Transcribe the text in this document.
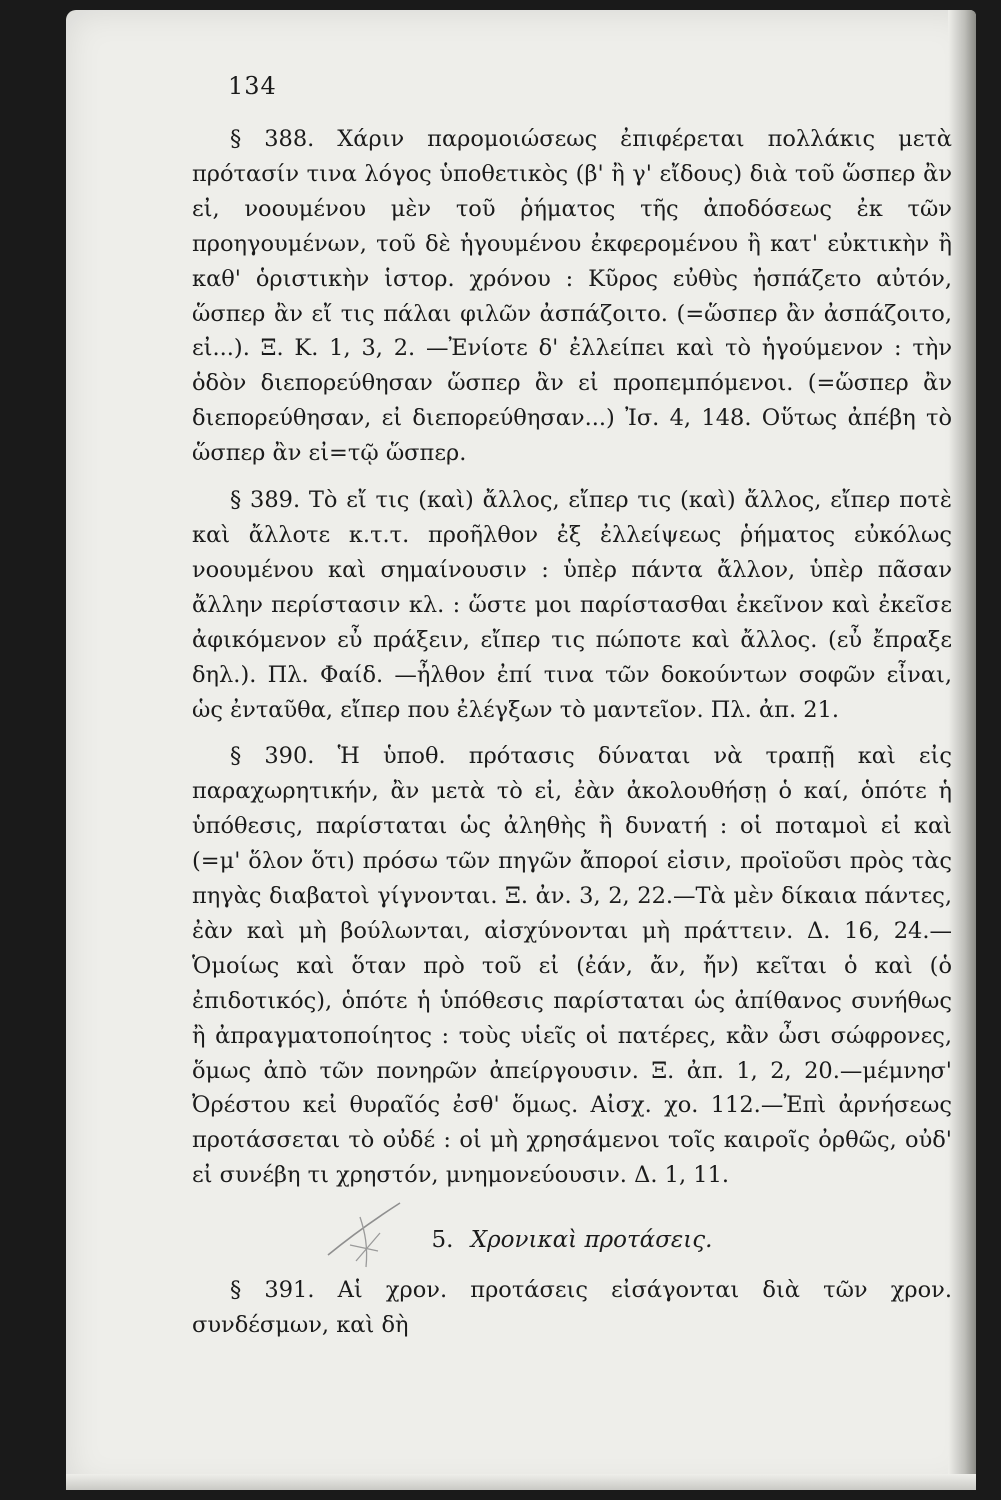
134

§ 388. Χάριν παρομοιώσεως ἐπιφέρεται πολλάκις μετὰ πρότασίν τινα λόγος ὑποθετικὸς (β' ἢ γ' εἴδους) διὰ τοῦ ὥσπερ ἂν εἰ, νοουμένου μὲν τοῦ ῥήματος τῆς ἀποδόσεως ἐκ τῶν προηγουμένων, τοῦ δὲ ἡγουμένου ἐκφερομένου ἢ κατ' εὐκτικὴν ἢ καθ' ὁριστικὴν ἱστορ. χρόνου : Κῦρος εὐθὺς ἠσπάζετο αὐτόν, ὥσπερ ἂν εἴ τις πάλαι φιλῶν ἀσπάζοιτο. (=ὥσπερ ἂν ἀσπάζοιτο, εἰ...). Ξ. Κ. 1, 3, 2. —Ἐνίοτε δ' ἐλλείπει καὶ τὸ ἡγούμενον : τὴν ὁδὸν διεπορεύθησαν ὥσπερ ἂν εἰ προπεμπόμενοι. (=ὥσπερ ἂν διεπορεύθησαν, εἰ διεπορεύθησαν...) Ἰσ. 4, 148. Οὕτως ἀπέβη τὸ ὥσπερ ἂν εἰ=τῷ ὥσπερ.

§ 389. Τὸ εἴ τις (καὶ) ἄλλος, εἴπερ τις (καὶ) ἄλλος, εἴπερ ποτὲ καὶ ἄλλοτε κ.τ.τ. προῆλθον ἐξ ἐλλείψεως ῥήματος εὐκόλως νοουμένου καὶ σημαίνουσιν : ὑπὲρ πάντα ἄλλον, ὑπὲρ πᾶσαν ἄλλην περίστασιν κλ. : ὥστε μοι παρίστασθαι ἐκεῖνον καὶ ἐκεῖσε ἀφικόμενον εὖ πράξειν, εἴπερ τις πώποτε καὶ ἄλλος. (εὖ ἔπραξε δηλ.). Πλ. Φαίδ. —ἦλθον ἐπί τινα τῶν δοκούντων σοφῶν εἶναι, ὡς ἐνταῦθα, εἴπερ που ἐλέγξων τὸ μαντεῖον. Πλ. ἀπ. 21.

§ 390. Ἡ ὑποθ. πρότασις δύναται νὰ τραπῇ καὶ εἰς παραχωρητικήν, ἂν μετὰ τὸ εἰ, ἐὰν ἀκολουθήσῃ ὁ καί, ὁπότε ἡ ὑπόθεσις, παρίσταται ὡς ἀληθὴς ἢ δυνατή : οἱ ποταμοὶ εἰ καὶ (=μ' ὅλον ὅτι) πρόσω τῶν πηγῶν ἄποροί εἰσιν, προϊοῦσι πρὸς τὰς πηγὰς διαβατοὶ γίγνονται. Ξ. ἀν. 3, 2, 22.—Τὰ μὲν δίκαια πάντες, ἐὰν καὶ μὴ βούλωνται, αἰσχύνονται μὴ πράττειν. Δ. 16, 24.—Ὁμοίως καὶ ὅταν πρὸ τοῦ εἰ (ἐάν, ἄν, ἤν) κεῖται ὁ καὶ (ὁ ἐπιδοτικός), ὁπότε ἡ ὑπόθεσις παρίσταται ὡς ἀπίθανος συνήθως ἢ ἀπραγματοποίητος : τοὺς υἱεῖς οἱ πατέρες, κἂν ὦσι σώφρονες, ὅμως ἀπὸ τῶν πονηρῶν ἀπείργουσιν. Ξ. ἀπ. 1, 2, 20.—μέμνησ' Ὀρέστου κεἰ θυραῖός ἐσθ' ὅμως. Αἰσχ. χο. 112.—Ἐπὶ ἀρνήσεως προτάσσεται τὸ οὐδέ : οἱ μὴ χρησάμενοι τοῖς καιροῖς ὀρθῶς, οὐδ' εἰ συνέβη τι χρηστόν, μνημονεύουσιν. Δ. 1, 11.

5. Χρονικαὶ προτάσεις.

§ 391. Αἱ χρον. προτάσεις εἰσάγονται διὰ τῶν χρον. συνδέσμων, καὶ δὴ
